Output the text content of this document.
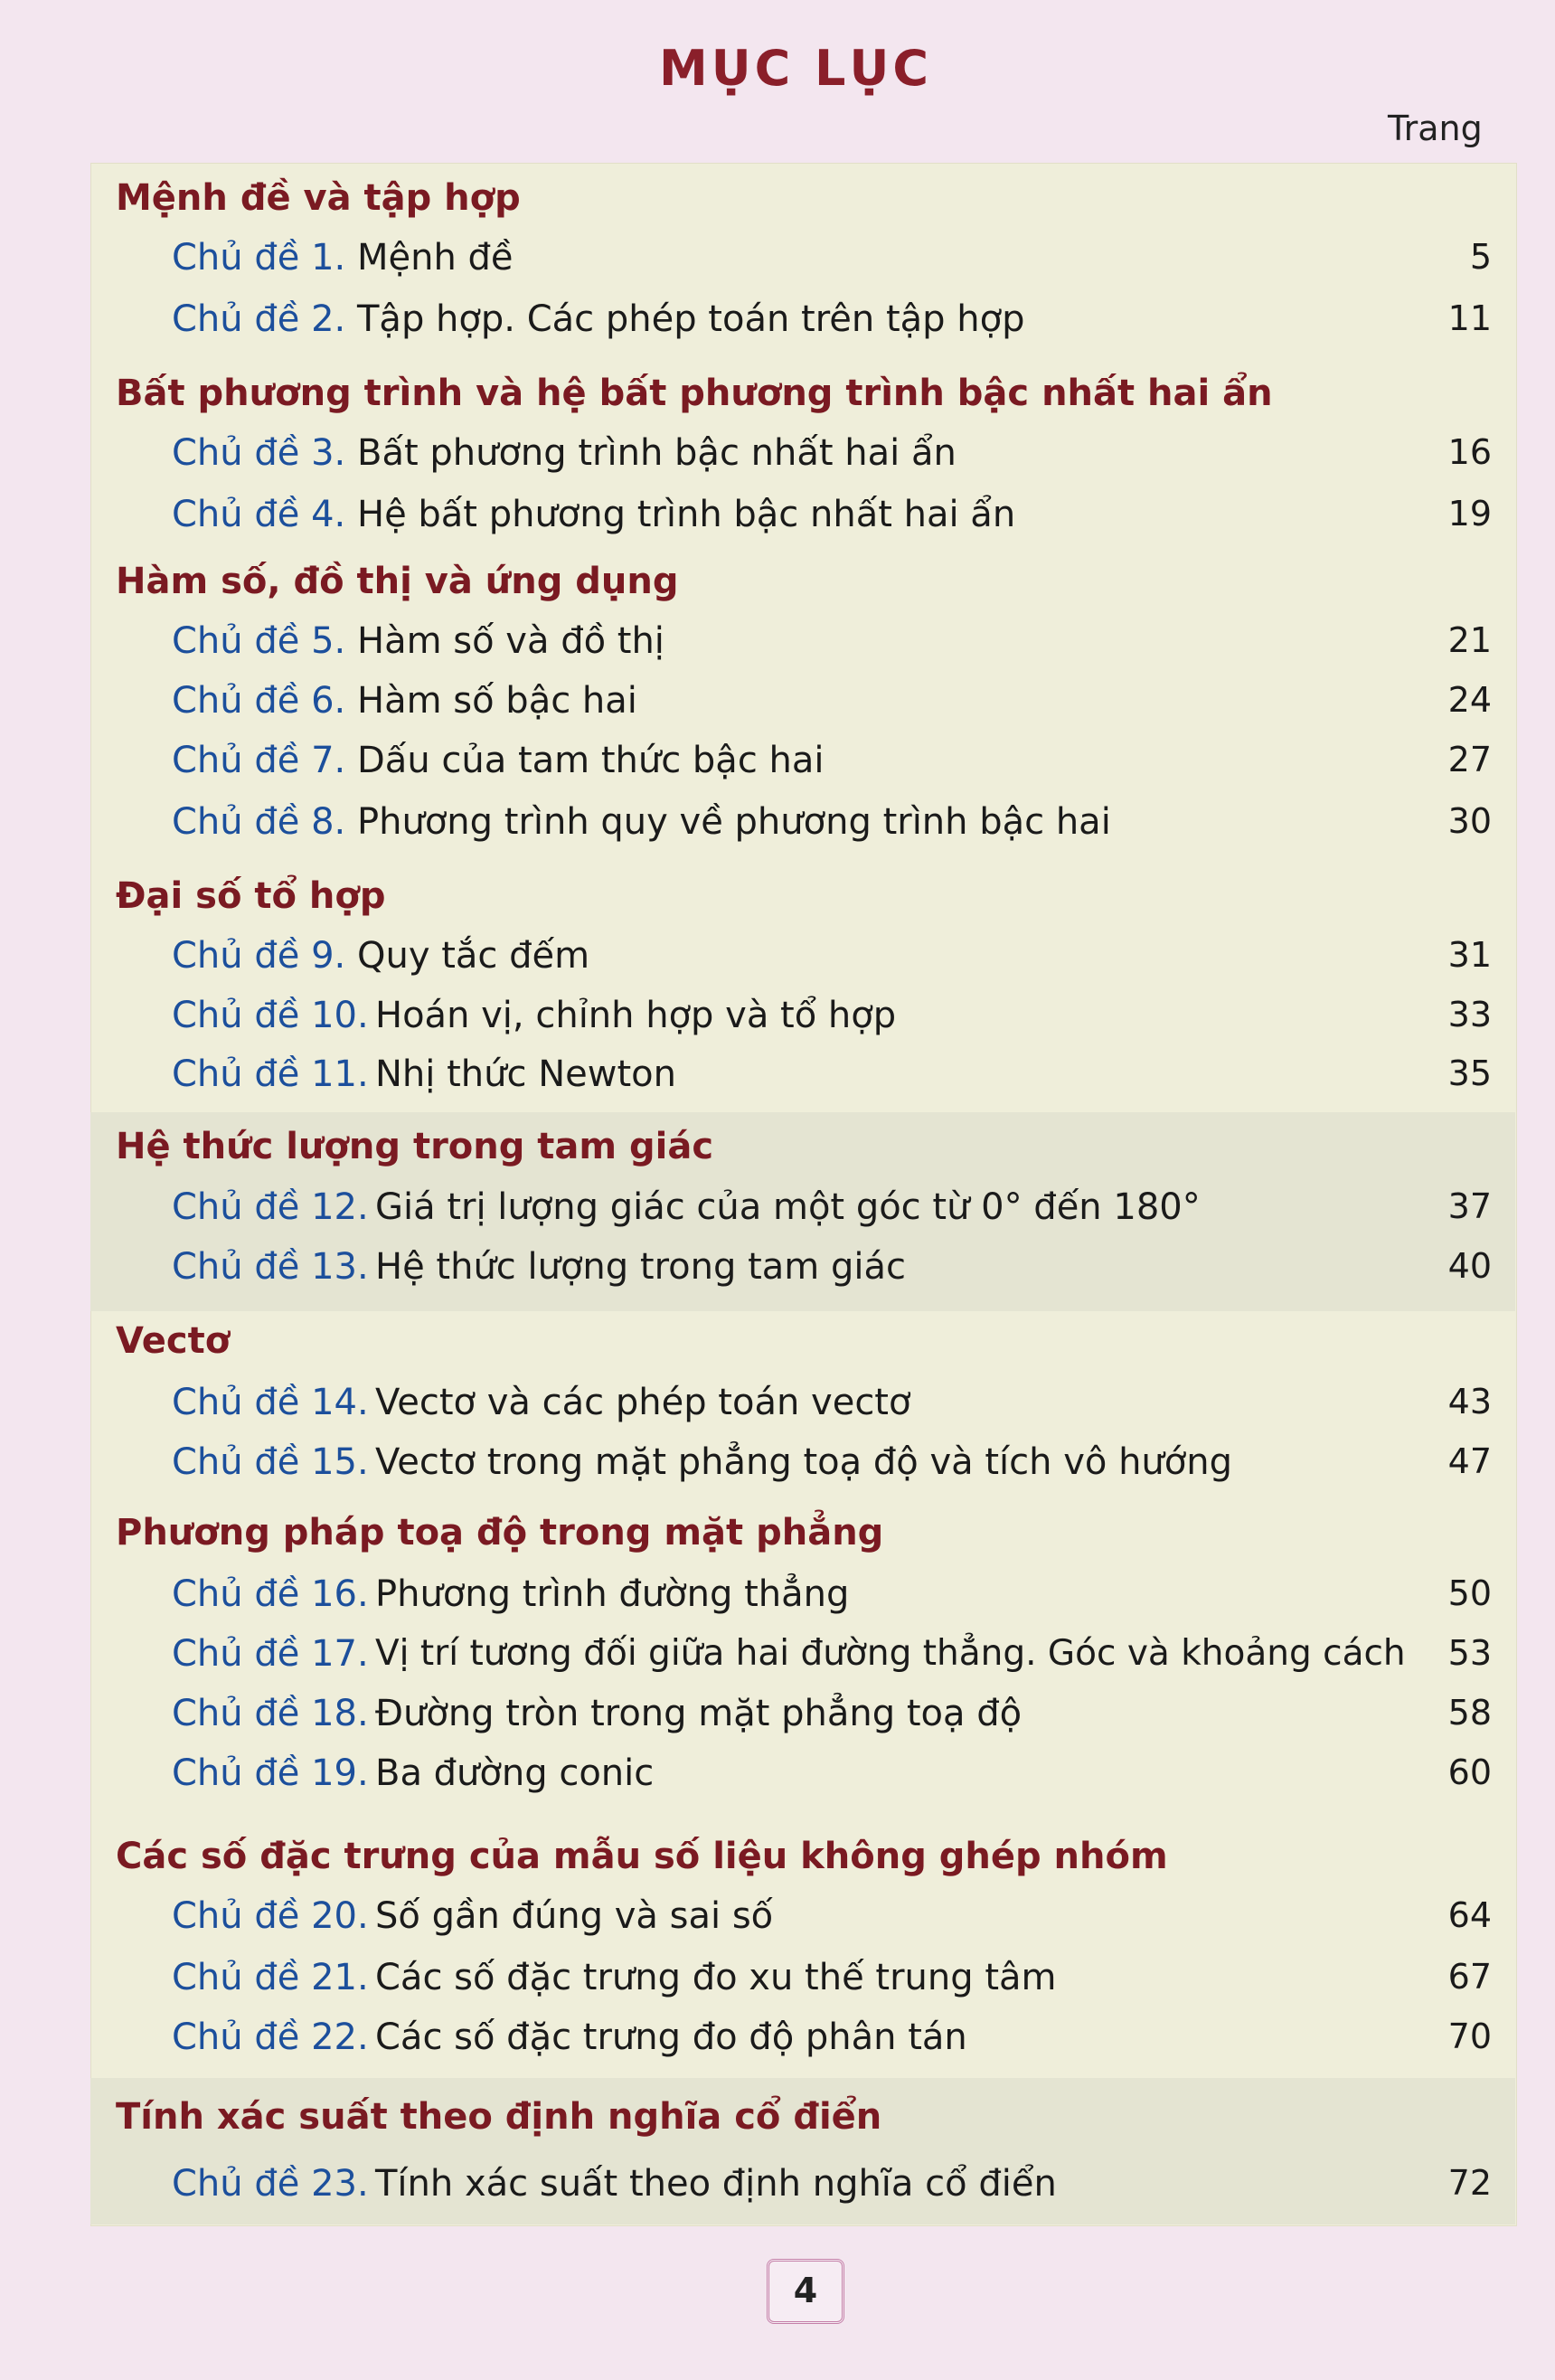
MỤC LỤC
Trang
Mệnh đề và tập hợp
Chủ đề 1. Mệnh đề	5
Chủ đề 2. Tập hợp. Các phép toán trên tập hợp	11
Bất phương trình và hệ bất phương trình bậc nhất hai ẩn
Chủ đề 3. Bất phương trình bậc nhất hai ẩn	16
Chủ đề 4. Hệ bất phương trình bậc nhất hai ẩn	19
Hàm số, đồ thị và ứng dụng
Chủ đề 5. Hàm số và đồ thị	21
Chủ đề 6. Hàm số bậc hai	24
Chủ đề 7. Dấu của tam thức bậc hai	27
Chủ đề 8. Phương trình quy về phương trình bậc hai	30
Đại số tổ hợp
Chủ đề 9. Quy tắc đếm	31
Chủ đề 10. Hoán vị, chỉnh hợp và tổ hợp	33
Chủ đề 11. Nhị thức Newton	35
Hệ thức lượng trong tam giác
Chủ đề 12. Giá trị lượng giác của một góc từ 0° đến 180°	37
Chủ đề 13. Hệ thức lượng trong tam giác	40
Vectơ
Chủ đề 14. Vectơ và các phép toán vectơ	43
Chủ đề 15. Vectơ trong mặt phẳng toạ độ và tích vô hướng	47
Phương pháp toạ độ trong mặt phẳng
Chủ đề 16. Phương trình đường thẳng	50
Chủ đề 17. Vị trí tương đối giữa hai đường thẳng. Góc và khoảng cách 53
Chủ đề 18. Đường tròn trong mặt phẳng toạ độ	58
Chủ đề 19. Ba đường conic	60
Các số đặc trưng của mẫu số liệu không ghép nhóm
Chủ đề 20. Số gần đúng và sai số	64
Chủ đề 21. Các số đặc trưng đo xu thế trung tâm	67
Chủ đề 22. Các số đặc trưng đo độ phân tán	70
Tính xác suất theo định nghĩa cổ điển
Chủ đề 23. Tính xác suất theo định nghĩa cổ điển	72
4
